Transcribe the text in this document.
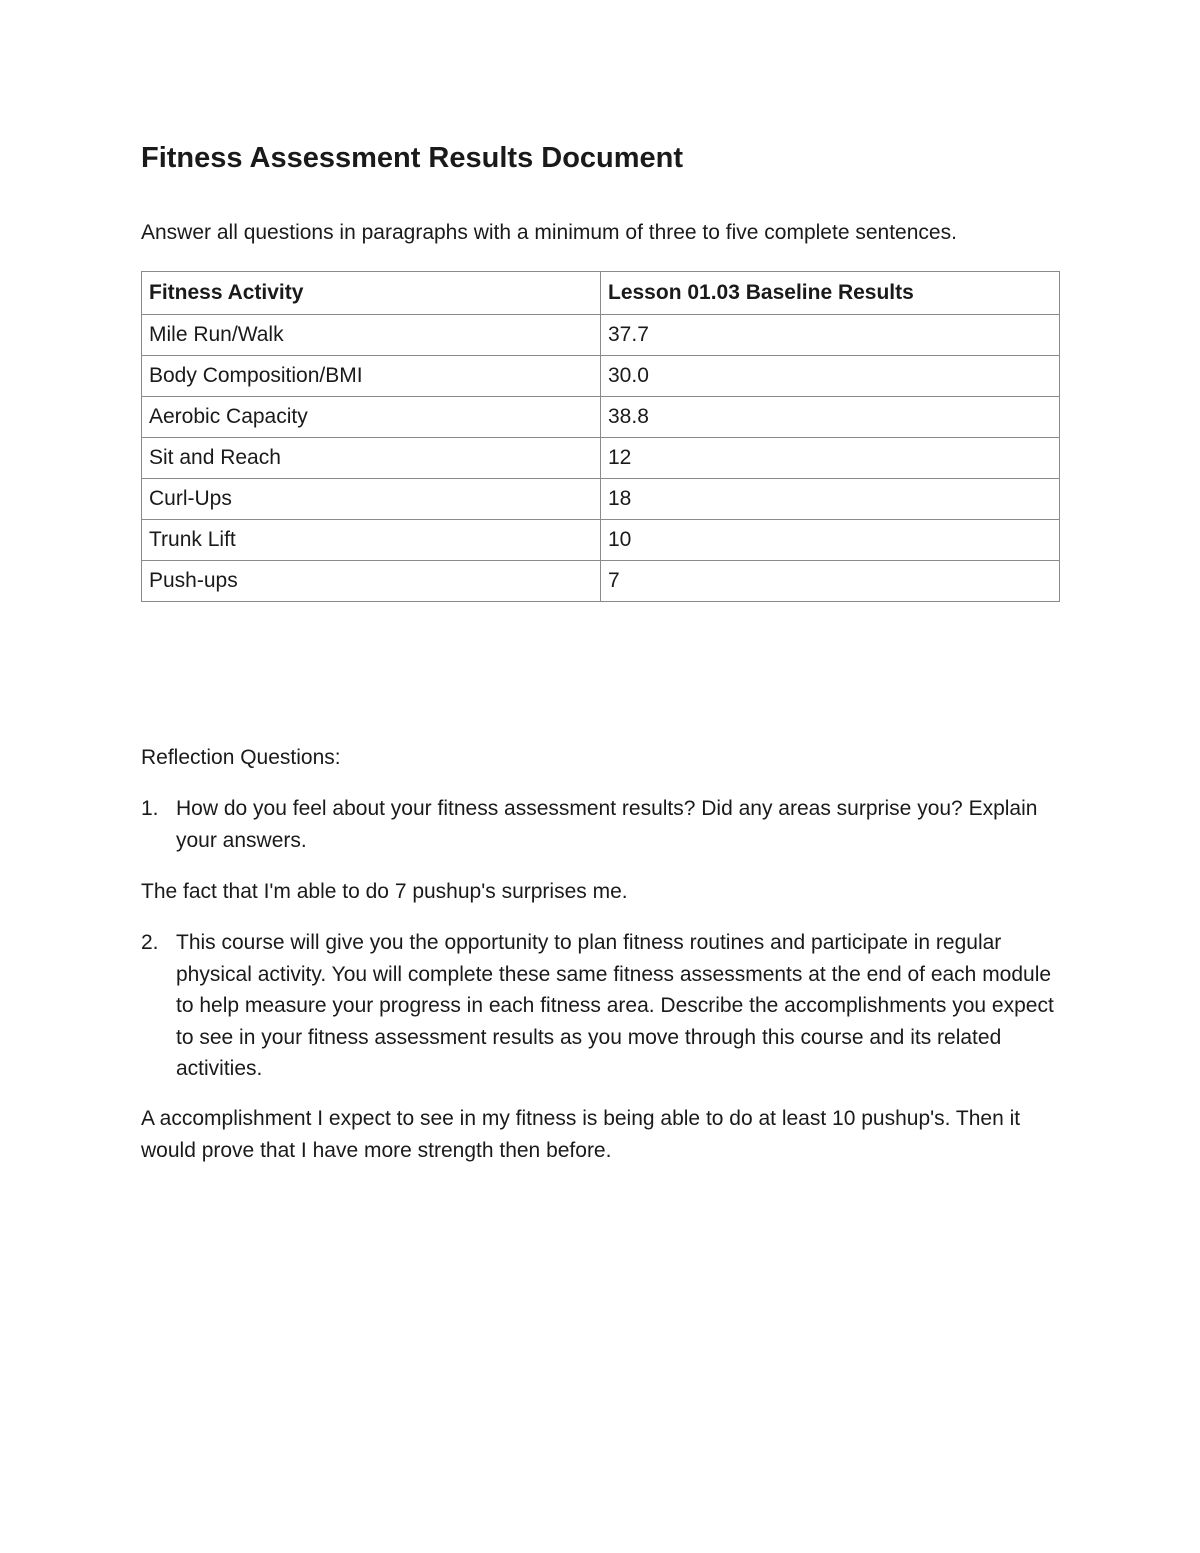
Fitness Assessment Results Document

Answer all questions in paragraphs with a minimum of three to five complete sentences.

Fitness Activity	Lesson 01.03 Baseline Results
Mile Run/Walk	37.7
Body Composition/BMI	30.0
Aerobic Capacity	38.8
Sit and Reach	12
Curl-Ups	18
Trunk Lift	10
Push-ups	7

Reflection Questions:

1. How do you feel about your fitness assessment results? Did any areas surprise you? Explain your answers.

The fact that I'm able to do 7 pushup's surprises me.

2. This course will give you the opportunity to plan fitness routines and participate in regular physical activity. You will complete these same fitness assessments at the end of each module to help measure your progress in each fitness area. Describe the accomplishments you expect to see in your fitness assessment results as you move through this course and its related activities.

A accomplishment I expect to see in my fitness is being able to do at least 10 pushup's. Then it would prove that I have more strength then before.
